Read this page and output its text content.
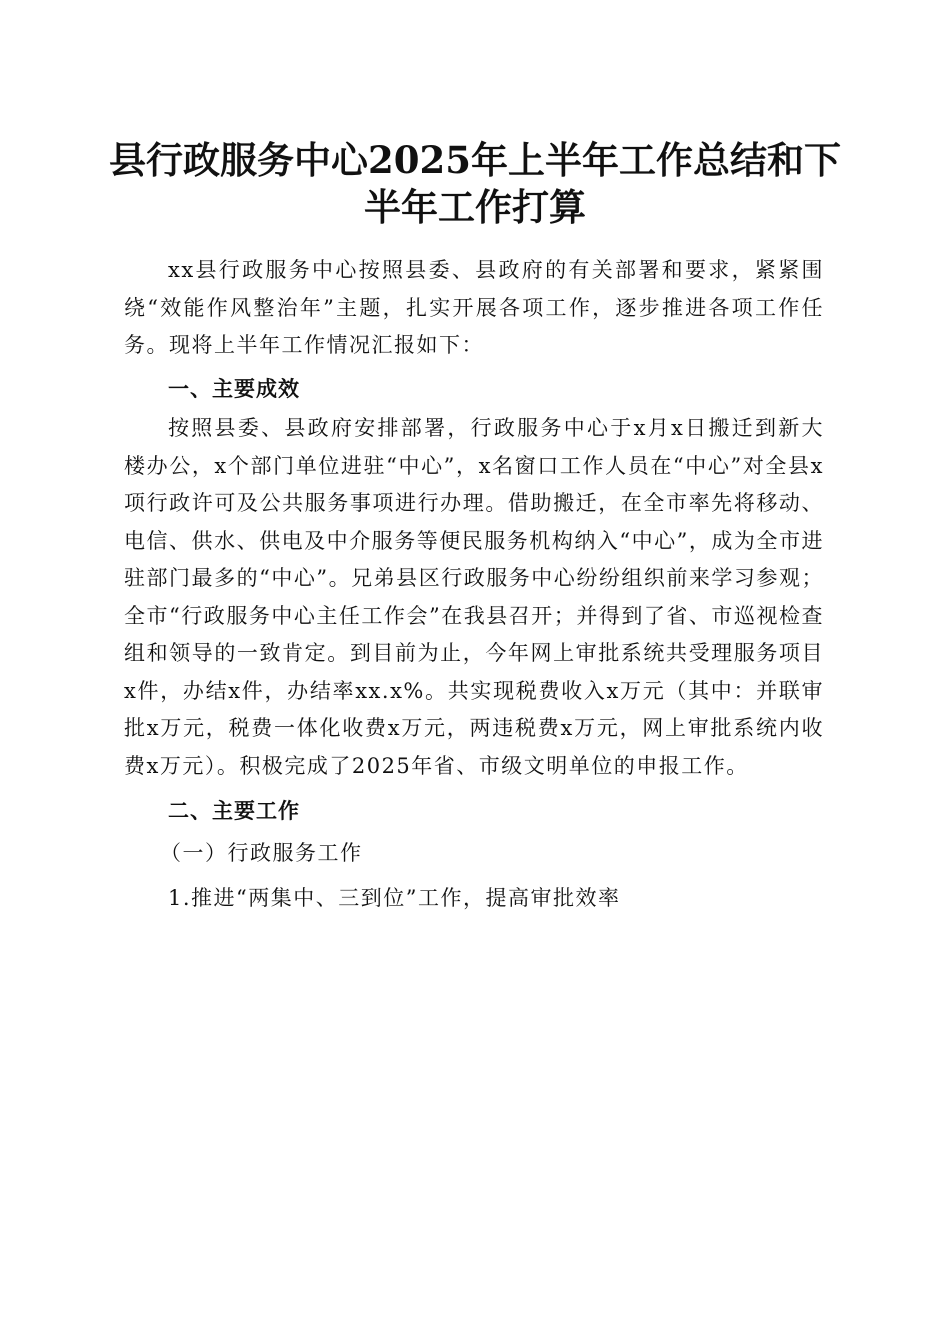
县行政服务中心2025年上半年工作总结和下
半年工作打算

xx县行政服务中心按照县委、县政府的有关部署和要求，紧紧围绕“效能作风整治年”主题，扎实开展各项工作，逐步推进各项工作任务。现将上半年工作情况汇报如下：

一、主要成效

按照县委、县政府安排部署，行政服务中心于x月x日搬迁到新大楼办公，x个部门单位进驻“中心”，x名窗口工作人员在“中心”对全县x项行政许可及公共服务事项进行办理。借助搬迁，在全市率先将移动、电信、供水、供电及中介服务等便民服务机构纳入“中心”，成为全市进驻部门最多的“中心”。兄弟县区行政服务中心纷纷组织前来学习参观；全市“行政服务中心主任工作会”在我县召开；并得到了省、市巡视检查组和领导的一致肯定。到目前为止，今年网上审批系统共受理服务项目x件，办结x件，办结率xx.x%。共实现税费收入x万元（其中：并联审批x万元，税费一体化收费x万元，两违税费x万元，网上审批系统内收费x万元）。积极完成了2025年省、市级文明单位的申报工作。

二、主要工作

（一）行政服务工作

1.推进“两集中、三到位”工作，提高审批效率
